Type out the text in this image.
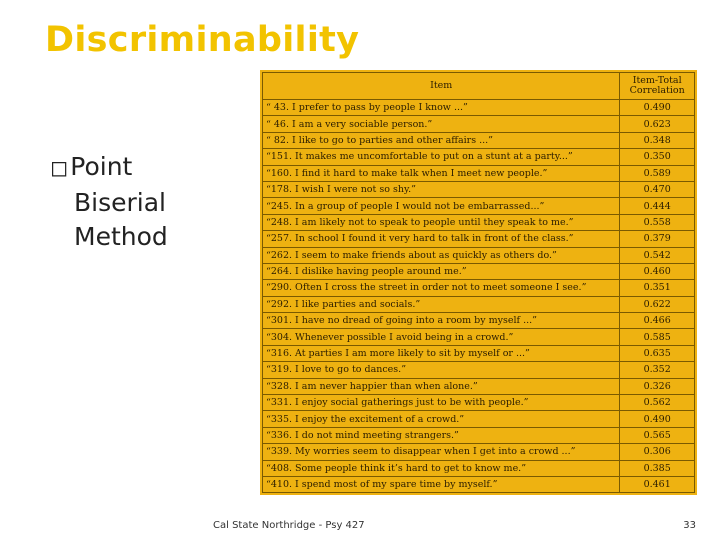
Discriminability
◻Point
Biserial
Method
Item	Item-Total Correlation
“ 43. I prefer to pass by people I know ...”	0.490
“ 46. I am a very sociable person.”	0.623
“ 82. I like to go to parties and other affairs ...”	0.348
“151. It makes me uncomfortable to put on a stunt at a party...”	0.350
“160. I find it hard to make talk when I meet new people.”	0.589
“178. I wish I were not so shy.”	0.470
“245. In a group of people I would not be embarrassed...”	0.444
“248. I am likely not to speak to people until they speak to me.”	0.558
“257. In school I found it very hard to talk in front of the class.”	0.379
“262. I seem to make friends about as quickly as others do.”	0.542
“264. I dislike having people around me.”	0.460
“290. Often I cross the street in order not to meet someone I see.”	0.351
“292. I like parties and socials.”	0.622
“301. I have no dread of going into a room by myself ...”	0.466
“304. Whenever possible I avoid being in a crowd.”	0.585
“316. At parties I am more likely to sit by myself or ...”	0.635
“319. I love to go to dances.”	0.352
“328. I am never happier than when alone.”	0.326
“331. I enjoy social gatherings just to be with people.”	0.562
“335. I enjoy the excitement of a crowd.”	0.490
“336. I do not mind meeting strangers.”	0.565
“339. My worries seem to disappear when I get into a crowd ...”	0.306
“408. Some people think it’s hard to get to know me.”	0.385
“410. I spend most of my spare time by myself.”	0.461
Cal State Northridge - Psy 427	33
